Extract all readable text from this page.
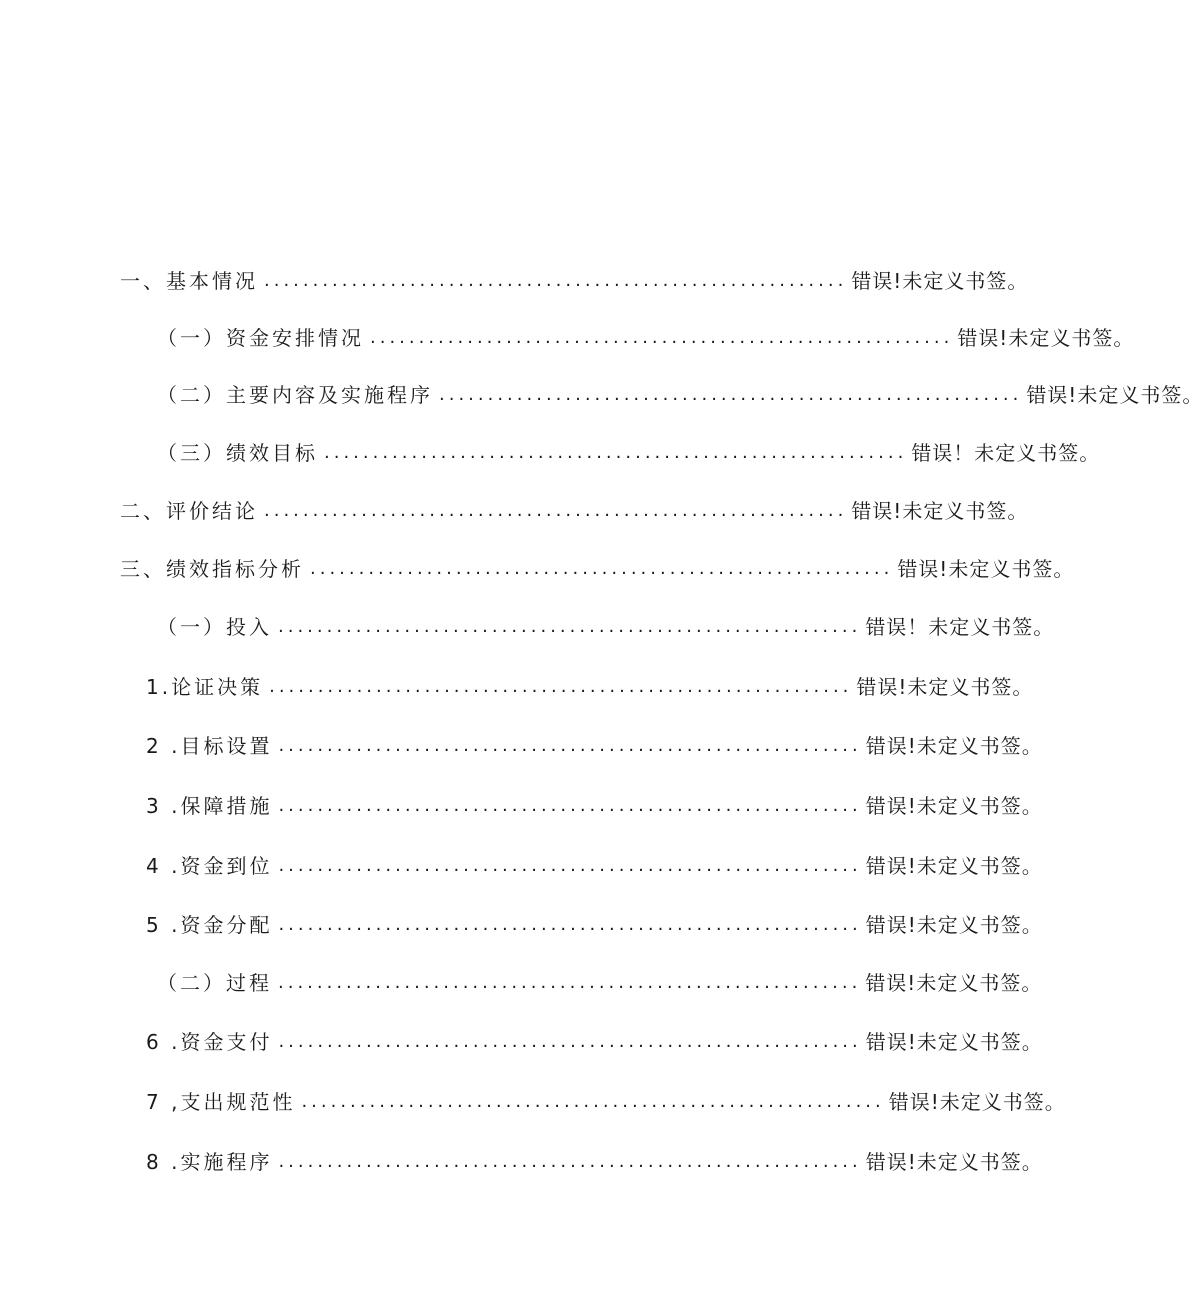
一、基本情况 ............................................................ 错误!未定义书签。
（一）资金安排情况 ............................................................ 错误!未定义书签。
（二）主要内容及实施程序 ............................................................ 错误!未定义书签。
（三）绩效目标 ............................................................ 错误！未定义书签。
二、评价结论 ............................................................ 错误!未定义书签。
三、绩效指标分析 ............................................................ 错误!未定义书签。
（一）投入 ............................................................ 错误！未定义书签。
1.论证决策 ............................................................ 错误!未定义书签。
2 .目标设置 ............................................................ 错误!未定义书签。
3 .保障措施 ............................................................ 错误!未定义书签。
4 .资金到位 ............................................................ 错误!未定义书签。
5 .资金分配 ............................................................ 错误!未定义书签。
（二）过程 ............................................................ 错误!未定义书签。
6 .资金支付 ............................................................ 错误!未定义书签。
7 ,支出规范性 ............................................................ 错误!未定义书签。
8 .实施程序 ............................................................ 错误!未定义书签。
